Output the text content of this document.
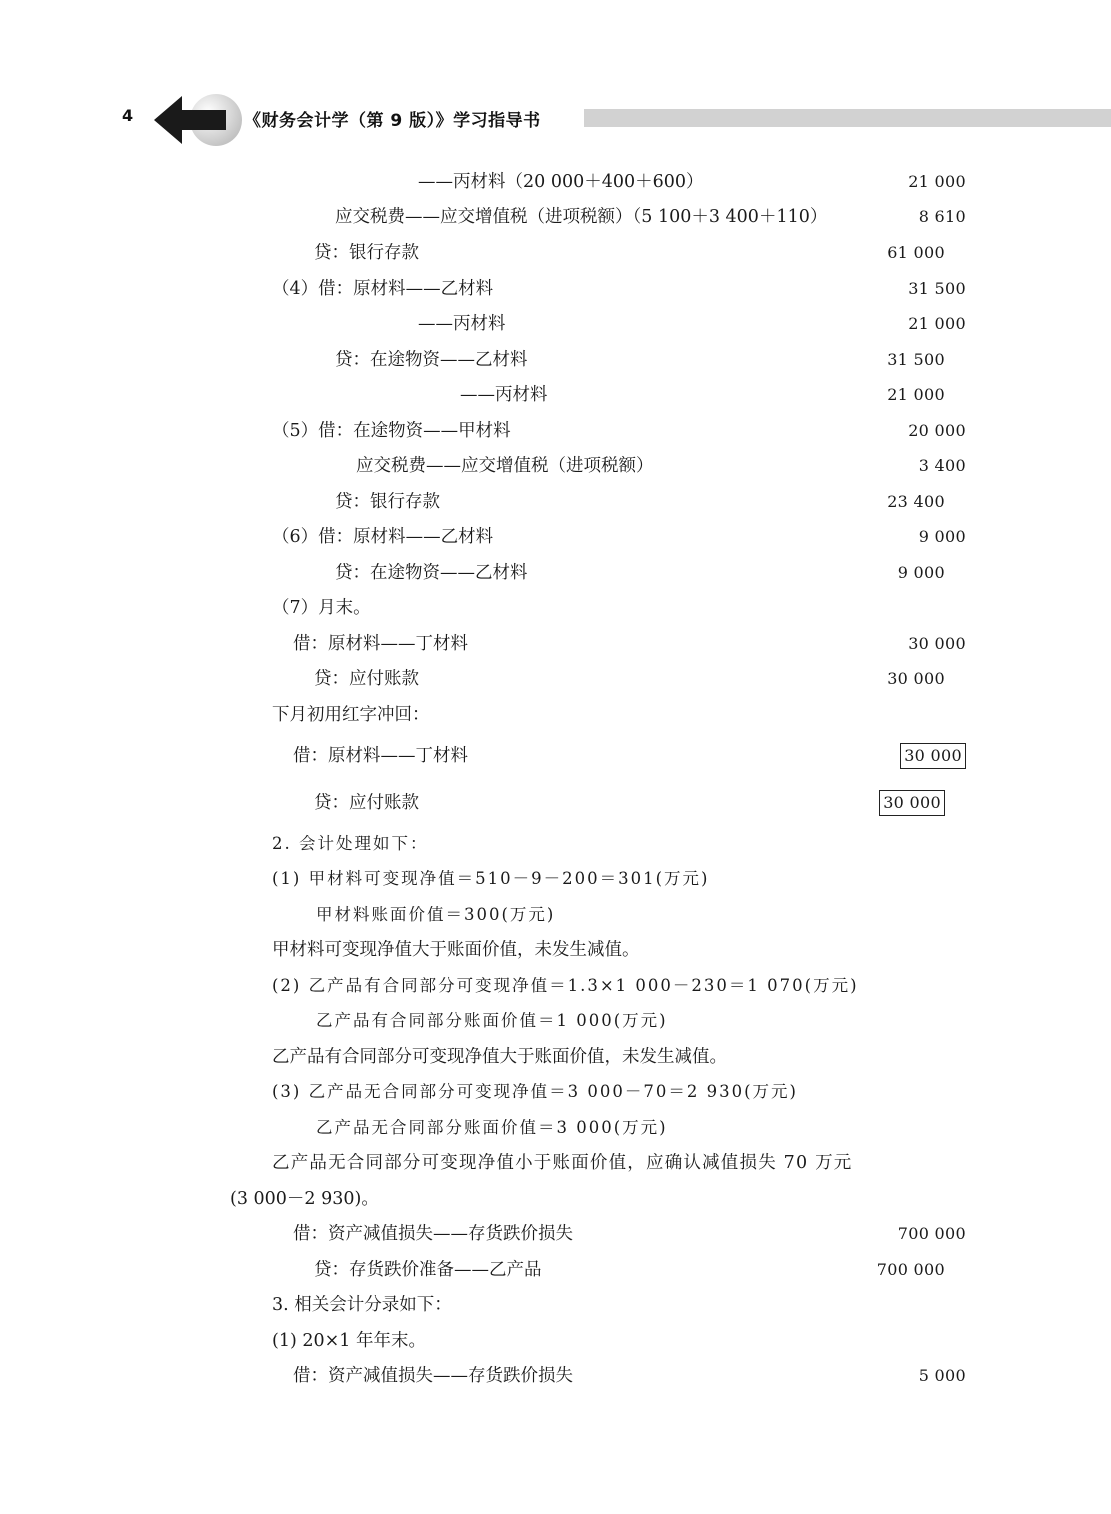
4	《财务会计学（第 9 版）》学习指导书
——丙材料（20 000＋400＋600）	21 000
应交税费——应交增值税（进项税额）（5 100＋3 400＋110）	8 610
贷：银行存款	61 000
（4）借：原材料——乙材料	31 500
——丙材料	21 000
贷：在途物资——乙材料	31 500
——丙材料	21 000
（5）借：在途物资——甲材料	20 000
应交税费——应交增值税（进项税额）	3 400
贷：银行存款	23 400
（6）借：原材料——乙材料	9 000
贷：在途物资——乙材料	9 000
（7）月末。
借：原材料——丁材料	30 000
贷：应付账款	30 000
下月初用红字冲回：
借：原材料——丁材料	30 000
贷：应付账款	30 000
2. 会计处理如下：
(1) 甲材料可变现净值＝510－9－200＝301(万元)
甲材料账面价值＝300(万元)
甲材料可变现净值大于账面价值，未发生减值。
(2) 乙产品有合同部分可变现净值＝1.3×1 000－230＝1 070(万元)
乙产品有合同部分账面价值＝1 000(万元)
乙产品有合同部分可变现净值大于账面价值，未发生减值。
(3) 乙产品无合同部分可变现净值＝3 000－70＝2 930(万元)
乙产品无合同部分账面价值＝3 000(万元)
乙产品无合同部分可变现净值小于账面价值，应确认减值损失 70 万元
(3 000－2 930)。
借：资产减值损失——存货跌价损失	700 000
贷：存货跌价准备——乙产品	700 000
3. 相关会计分录如下：
(1) 20×1 年年末。
借：资产减值损失——存货跌价损失	5 000
